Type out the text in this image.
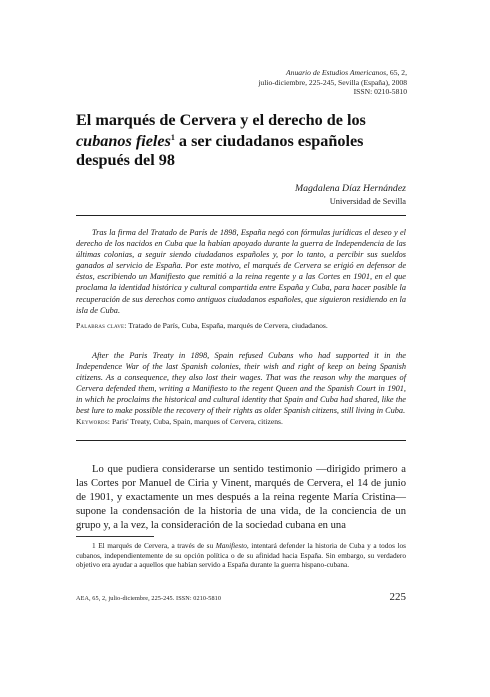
Anuario de Estudios Americanos, 65, 2,
julio-diciembre, 225-245, Sevilla (España), 2008
ISSN: 0210-5810
El marqués de Cervera y el derecho de los cubanos fieles$^1$ a ser ciudadanos españoles después del 98
Magdalena Díaz Hernández
Universidad de Sevilla

Tras la firma del Tratado de París de 1898, España negó con fórmulas jurídicas el deseo y el derecho de los nacidos en Cuba que la habían apoyado durante la guerra de Independencia de las últimas colonias, a seguir siendo ciudadanos españoles y, por lo tanto, a percibir sus sueldos ganados al servicio de España. Por este motivo, el marqués de Cervera se erigió en defensor de éstos, escribiendo un Manifiesto que remitió a la reina regente y a las Cortes en 1901, en el que proclama la identidad histórica y cultural compartida entre España y Cuba, para hacer posible la recuperación de sus derechos como antiguos ciudadanos españoles, que siguieron residiendo en la isla de Cuba.

Palabras clave: Tratado de París, Cuba, España, marqués de Cervera, ciudadanos.

After the Paris Treaty in 1898, Spain refused Cubans who had supported it in the Independence War of the last Spanish colonies, their wish and right of keep on being Spanish citizens. As a consequence, they also lost their wages. That was the reason why the marques of Cervera defended them, writing a Manifiesto to the regent Queen and the Spanish Court in 1901, in which he proclaims the historical and cultural identity that Spain and Cuba had shared, like the best lure to make possible the recovery of their rights as older Spanish citizens, still living in Cuba.

Keywords: Paris' Treaty, Cuba, Spain, marques of Cervera, citizens.

Lo que pudiera considerarse un sentido testimonio —dirigido primero a las Cortes por Manuel de Ciria y Vinent, marqués de Cervera, el 14 de junio de 1901, y exactamente un mes después a la reina regente María Cristina— supone la condensación de la historia de una vida, de la conciencia de un grupo y, a la vez, la consideración de la sociedad cubana en una

1 El marqués de Cervera, a través de su Manifiesto, intentará defender la historia de Cuba y a todos los cubanos, independientemente de su opción política o de su afinidad hacia España. Sin embargo, su verdadero objetivo era ayudar a aquellos que habían servido a España durante la guerra hispano-cubana.

AEA, 65, 2, julio-diciembre, 225-245. ISSN: 0210-5810	225
